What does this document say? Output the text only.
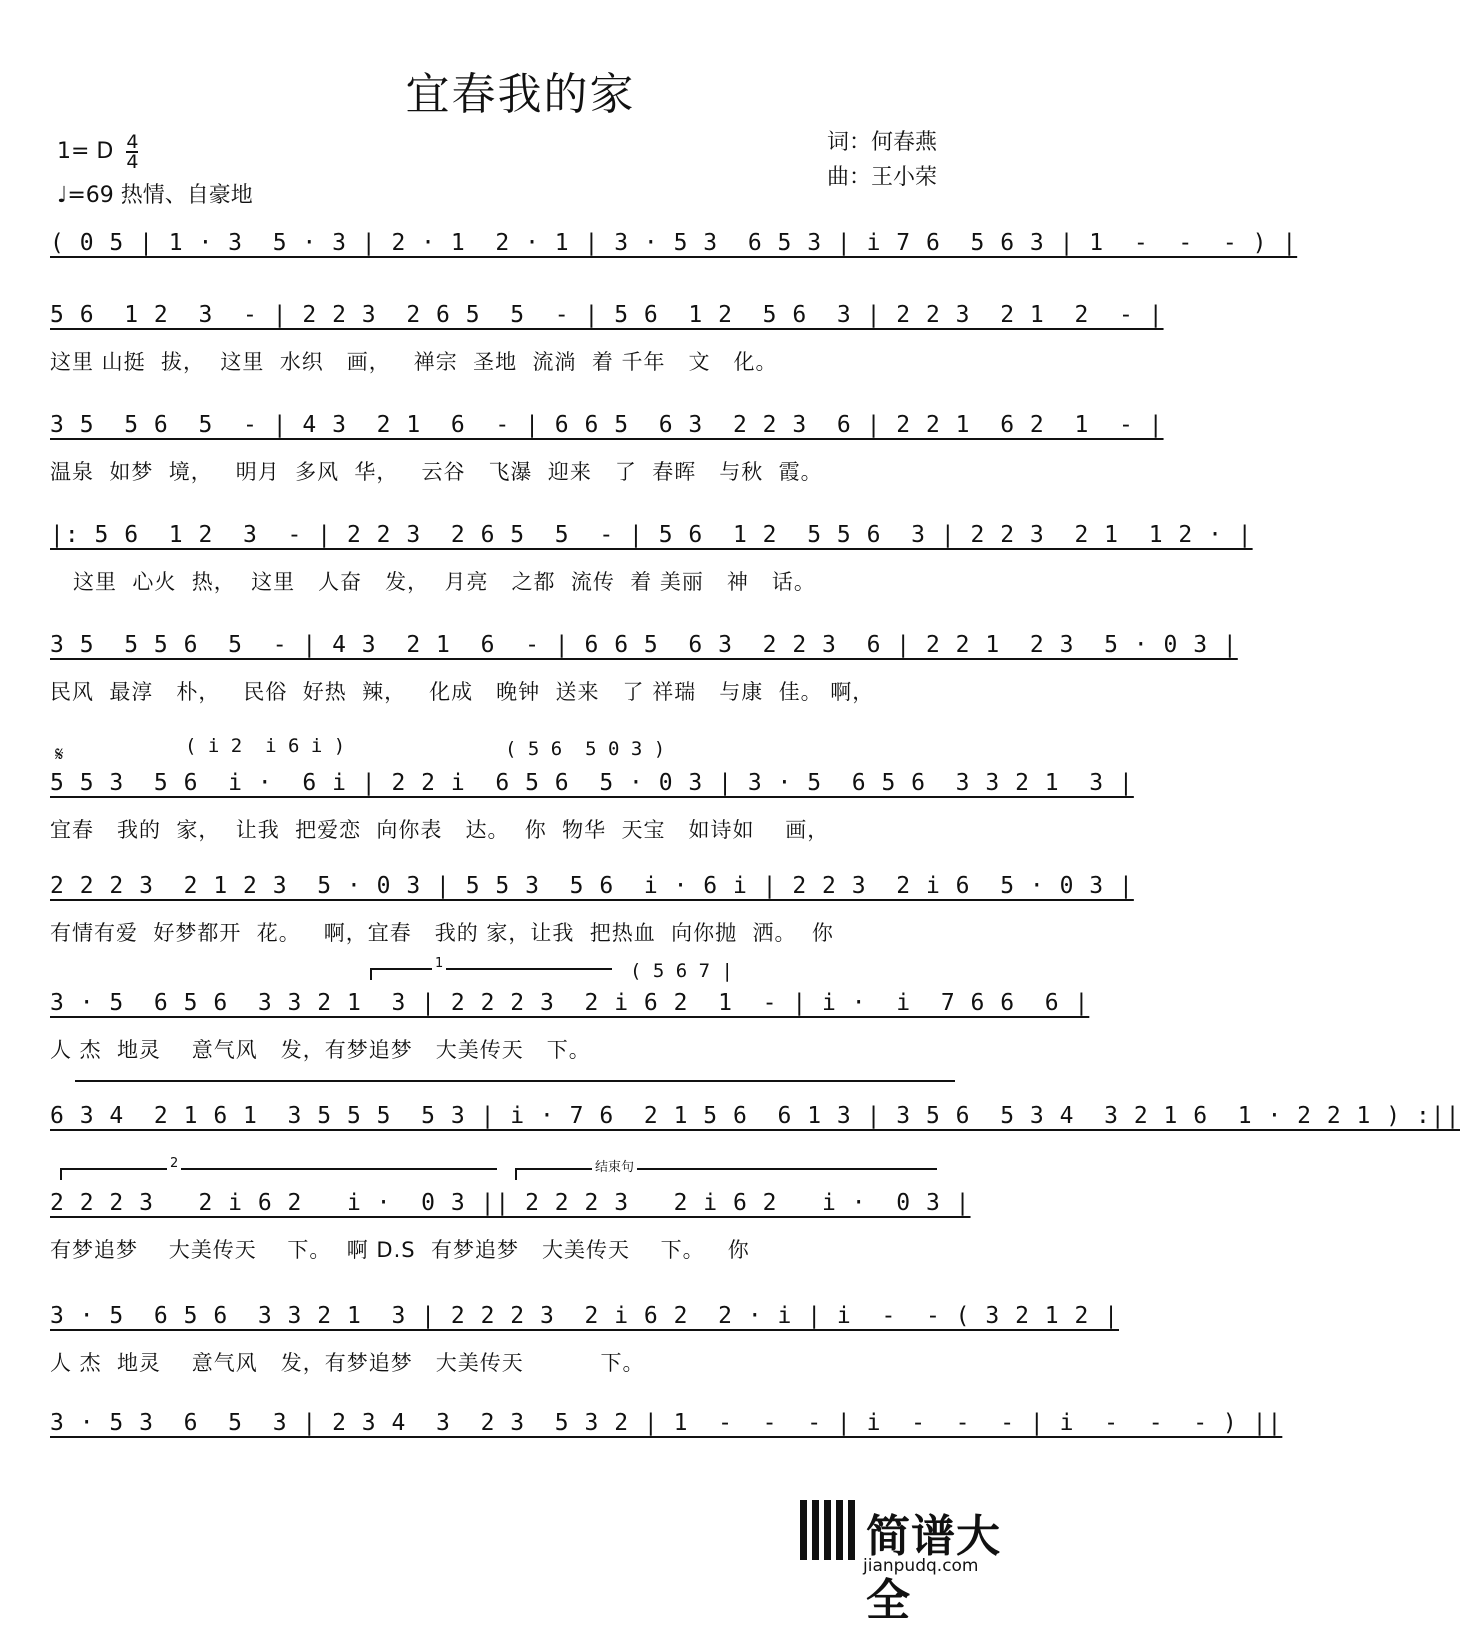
宜春我的家
1= D $\frac{4}{4}$
♩=69 热情、自豪地
词：何春燕
曲：王小荣
( 0 5 | 1 · 3  5 · 3 | 2 · 1  2 · 1 | 3 · 5 3  6 5 3 | i 7 6  5 6 3 | 1  -  -  - ) |
5 6  1 2  3  - | 2 2 3  2 6 5  5  - | 5 6  1 2  5 6  3 | 2 2 3  2 1  2  - |
这里 山挺  拔，  这里  水织   画，   禅宗  圣地  流淌  着 千年   文   化。
3 5  5 6  5  - | 4 3  2 1  6  - | 6 6 5  6 3  2 2 3  6 | 2 2 1  6 2  1  - |
温泉  如梦  境，   明月  多风  华，   云谷   飞瀑  迎来   了  春晖   与秋  霞。
|: 5 6  1 2  3  - | 2 2 3  2 6 5  5  - | 5 6  1 2  5 5 6  3 | 2 2 3  2 1  1 2 · |
这里  心火  热，  这里   人奋   发，  月亮   之都  流传  着 美丽   神   话。
3 5  5 5 6  5  - | 4 3  2 1  6  - | 6 6 5  6 3  2 2 3  6 | 2 2 1  2 3  5 · 0 3 |
民风  最淳   朴，   民俗  好热  辣，   化成   晚钟  送来   了 祥瑞   与康  佳。 啊，
𝄋	( i 2  i 6 i )	( 5 6  5 0 3 )
5 5 3  5 6  i ·  6 i | 2 2 i  6 5 6  5 · 0 3 | 3 · 5  6 5 6  3 3 2 1  3 |
宜春   我的  家，  让我  把爱恋  向你表   达。  你  物华  天宝   如诗如    画，
2 2 2 3  2 1 2 3  5 · 0 3 | 5 5 3  5 6  i · 6 i | 2 2 3  2 i 6  5 · 0 3 |
有情有爱  好梦都开  花。   啊，宜春   我的 家，让我  把热血  向你抛  洒。  你
1	( 5 6 7 |
3 · 5  6 5 6  3 3 2 1  3 | 2 2 2 3  2 i 6 2  1  - | i ·  i  7 6 6  6 |
人 杰  地灵    意气风   发，有梦追梦   大美传天   下。
6 3 4  2 1 6 1  3 5 5 5  5 3 | i · 7 6  2 1 5 6  6 1 3 | 3 5 6  5 3 4  3 2 1 6  1 · 2 2 1 ) :||
2	结束句
2 2 2 3   2 i 6 2   i ·  0 3 || 2 2 2 3   2 i 6 2   i ·  0 3 |
有梦追梦    大美传天    下。  啊 D.S  有梦追梦   大美传天    下。   你
3 · 5  6 5 6  3 3 2 1  3 | 2 2 2 3  2 i 6 2  2 · i | i  -  - ( 3 2 1 2 |
人 杰  地灵    意气风   发，有梦追梦   大美传天          下。
3 · 5 3  6  5  3 | 2 3 4  3  2 3  5 3 2 | 1  -  -  - | i  -  -  - | i  -  -  - ) ||
简谱大全
jianpudq.com
